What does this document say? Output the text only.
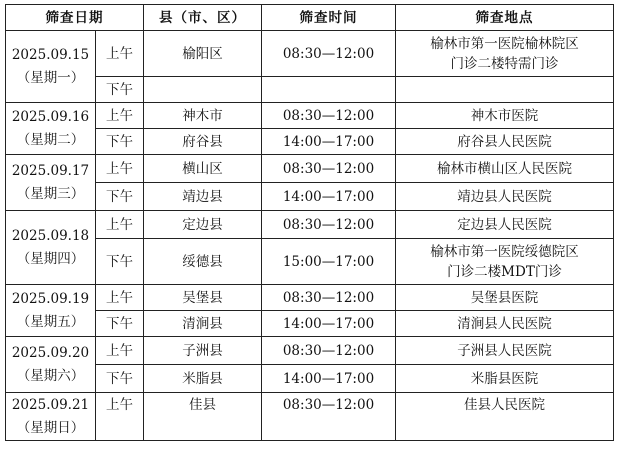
筛查日期		县（市、区）	筛查时间	筛查地点

2025.09.15
（星期一）	上午	榆阳区	08:30—12:00	榆林市第一医院榆林院区
门诊二楼特需门诊

	下午			

2025.09.16
（星期二）	上午	神木市	08:30—12:00	神木市医院
	下午	府谷县	14:00—17:00	府谷县人民医院

2025.09.17
（星期三）	上午	横山区	08:30—12:00	榆林市横山区人民医院
	下午	靖边县	14:00—17:00	靖边县人民医院

2025.09.18
（星期四）	上午	定边县	08:30—12:00	定边县人民医院
	下午	绥德县	15:00—17:00	榆林市第一医院绥德院区
门诊二楼MDT门诊

2025.09.19
（星期五）	上午	吴堡县	08:30—12:00	吴堡县医院
	下午	清涧县	14:00—17:00	清涧县人民医院

2025.09.20
（星期六）	上午	子洲县	08:30—12:00	子洲县人民医院
	下午	米脂县	14:00—17:00	米脂县医院

2025.09.21
（星期日）	上午	佳县	08:30—12:00	佳县人民医院
